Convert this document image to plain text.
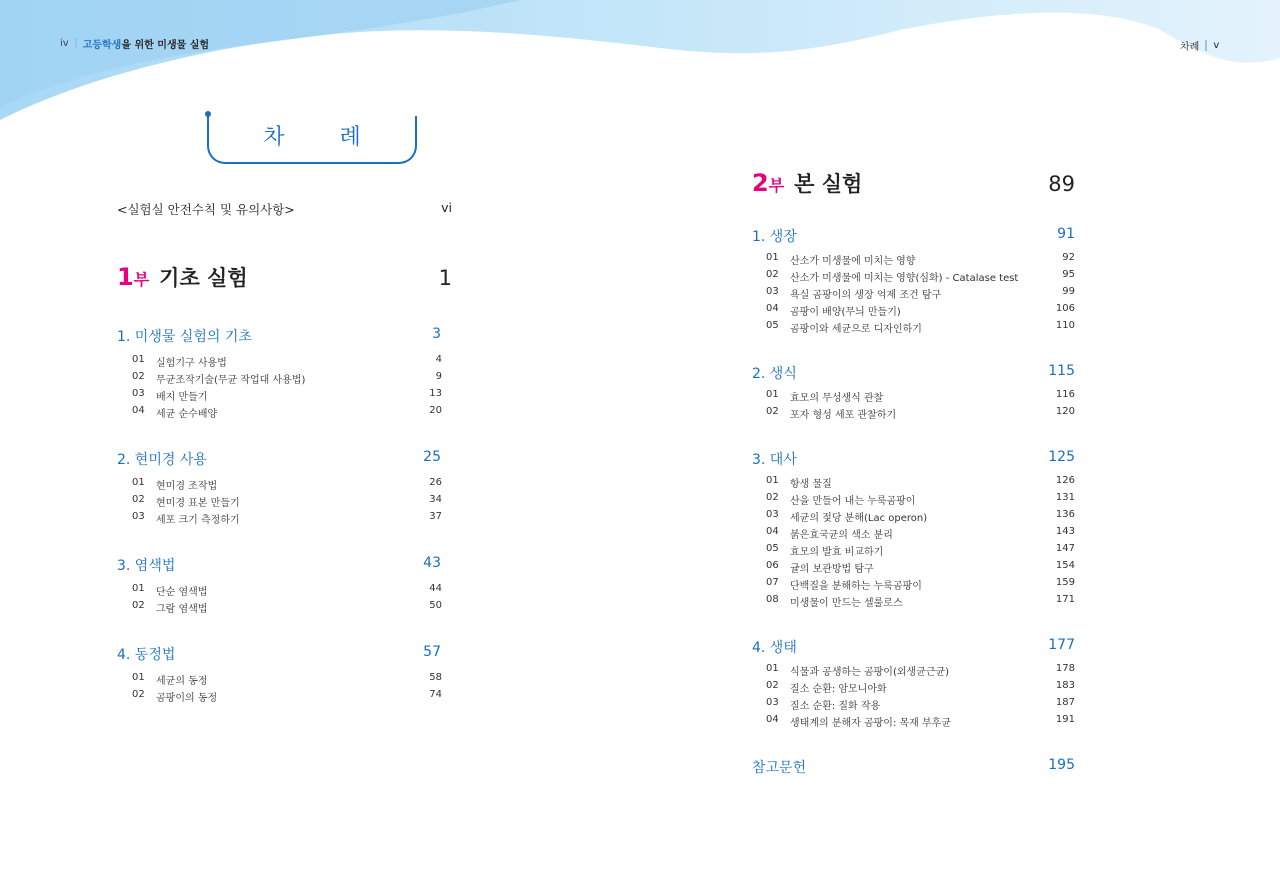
iv 고등학생 을 위한 미생물 실험	차례 v
차 례
<실험실 안전수칙 및 유의사항>	vi
1부 기초 실험	1
1. 미생물 실험의 기초	3
01	실험기구 사용법	4
02	무균조작기술(무균 작업대 사용법)	9
03	배지 만들기	13
04	세균 순수배양	20
2. 현미경 사용	25
01	현미경 조작법	26
02	현미경 표본 만들기	34
03	세포 크기 측정하기	37
3. 염색법	43
01	단순 염색법	44
02	그람 염색법	50
4. 동정법	57
01	세균의 동정	58
02	곰팡이의 동정	74
2부 본 실험	89
1. 생장	91
01	산소가 미생물에 미치는 영향	92
02	산소가 미생물에 미치는 영향(심화) - Catalase test	95
03	욕실 곰팡이의 생장 억제 조건 탐구	99
04	곰팡이 배양(무늬 만들기)	106
05	곰팡이와 세균으로 디자인하기	110
2. 생식	115
01	효모의 무성생식 관찰	116
02	포자 형성 세포 관찰하기	120
3. 대사	125
01	항생 물질	126
02	산을 만들어 내는 누룩곰팡이	131
03	세균의 젖당 분해(Lac operon)	136
04	붉은효국균의 색소 분리	143
05	효모의 발효 비교하기	147
06	귤의 보관방법 탐구	154
07	단백질을 분해하는 누룩곰팡이	159
08	미생물이 만드는 셀룰로스	171
4. 생태	177
01	식물과 공생하는 곰팡이(외생균근균)	178
02	질소 순환: 암모니아화	183
03	질소 순환: 질화 작용	187
04	생태계의 분해자 곰팡이: 목재 부후균	191
참고문헌	195
